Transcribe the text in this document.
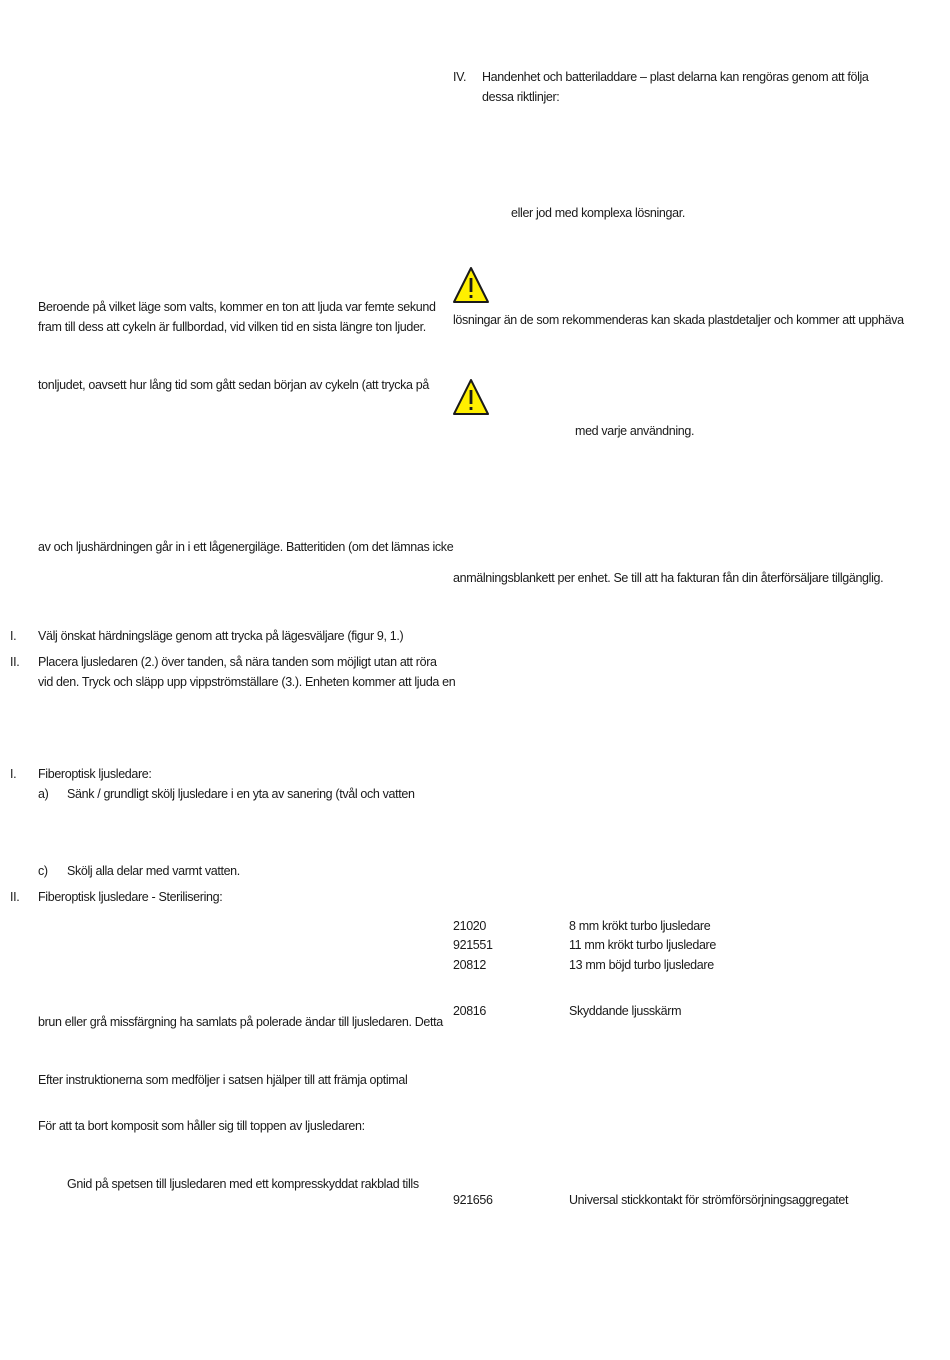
Beroende på vilket läge som valts, kommer en ton att ljuda var femte sekund
fram till dess att cykeln är fullbordad, vid vilken tid en sista längre ton ljuder.
tonljudet, oavsett hur lång tid som gått sedan början av cykeln (att trycka på
av och ljushärdningen går in i ett lågenergiläge. Batteritiden (om det lämnas icke
I. Välj önskat härdningsläge genom att trycka på lägesväljare (figur 9, 1.)
II. Placera ljusledaren (2.) över tanden, så nära tanden som möjligt utan att röra
vid den. Tryck och släpp upp vippströmställare (3.). Enheten kommer att ljuda en
I. Fiberoptisk ljusledare:
a) Sänk / grundligt skölj ljusledare i en yta av sanering (tvål och vatten
c) Skölj alla delar med varmt vatten.
II. Fiberoptisk ljusledare - Sterilisering:
brun eller grå missfärgning ha samlats på polerade ändar till ljusledaren. Detta
Efter instruktionerna som medföljer i satsen hjälper till att främja optimal
För att ta bort komposit som håller sig till toppen av ljusledaren:
Gnid på spetsen till ljusledaren med ett kompresskyddat rakblad tills
IV. Handenhet och batteriladdare – plast delarna kan rengöras genom att följa
dessa riktlinjer:
eller jod med komplexa lösningar.
lösningar än de som rekommenderas kan skada plastdetaljer och kommer att upphäva
med varje användning.
anmälningsblankett per enhet. Se till att ha fakturan fån din återförsäljare tillgänglig.
21020	8 mm krökt turbo ljusledare
921551	11 mm krökt turbo ljusledare
20812	13 mm böjd turbo ljusledare
20816	Skyddande ljusskärm
921656	Universal stickkontakt för strömförsörjningsaggregatet
